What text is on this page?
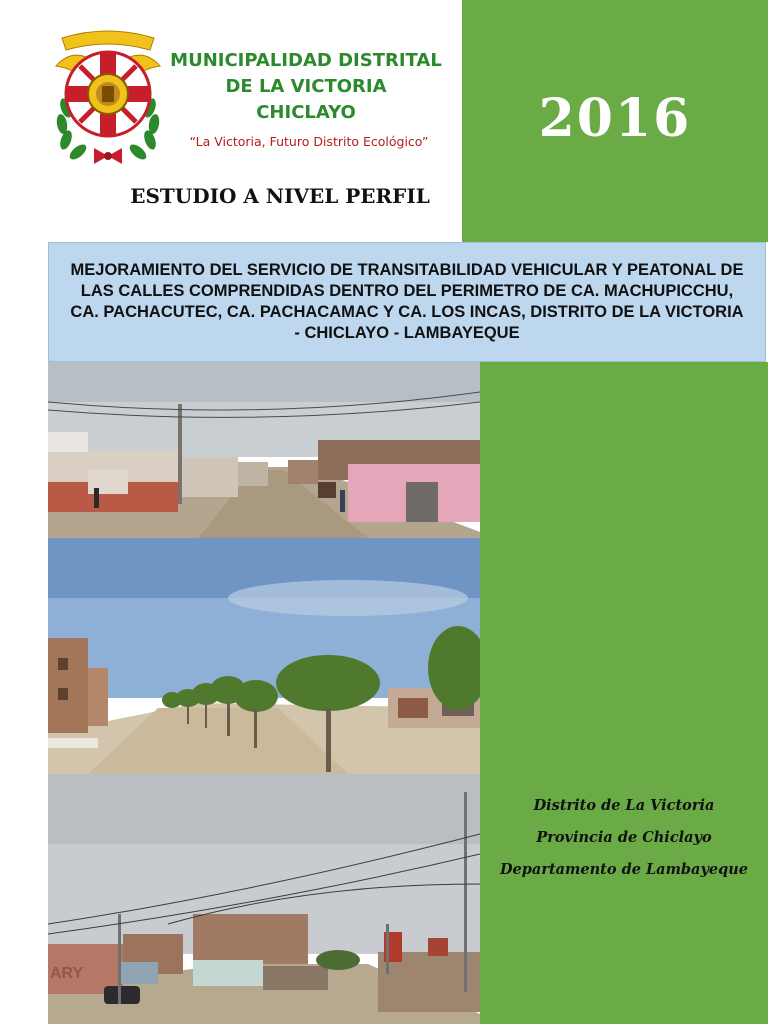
2016
MUNICIPALIDAD DISTRITAL
DE LA VICTORIA
CHICLAYO
“La Victoria, Futuro Distrito Ecológico”
ESTUDIO A NIVEL PERFIL
MEJORAMIENTO DEL SERVICIO DE TRANSITABILIDAD VEHICULAR Y PEATONAL DE LAS CALLES COMPRENDIDAS DENTRO DEL PERIMETRO DE CA. MACHUPICCHU, CA. PACHACUTEC, CA. PACHACAMAC Y CA. LOS INCAS, DISTRITO DE LA VICTORIA - CHICLAYO - LAMBAYEQUE
ARY
Distrito de La Victoria
Provincia de Chiclayo
Departamento de Lambayeque
